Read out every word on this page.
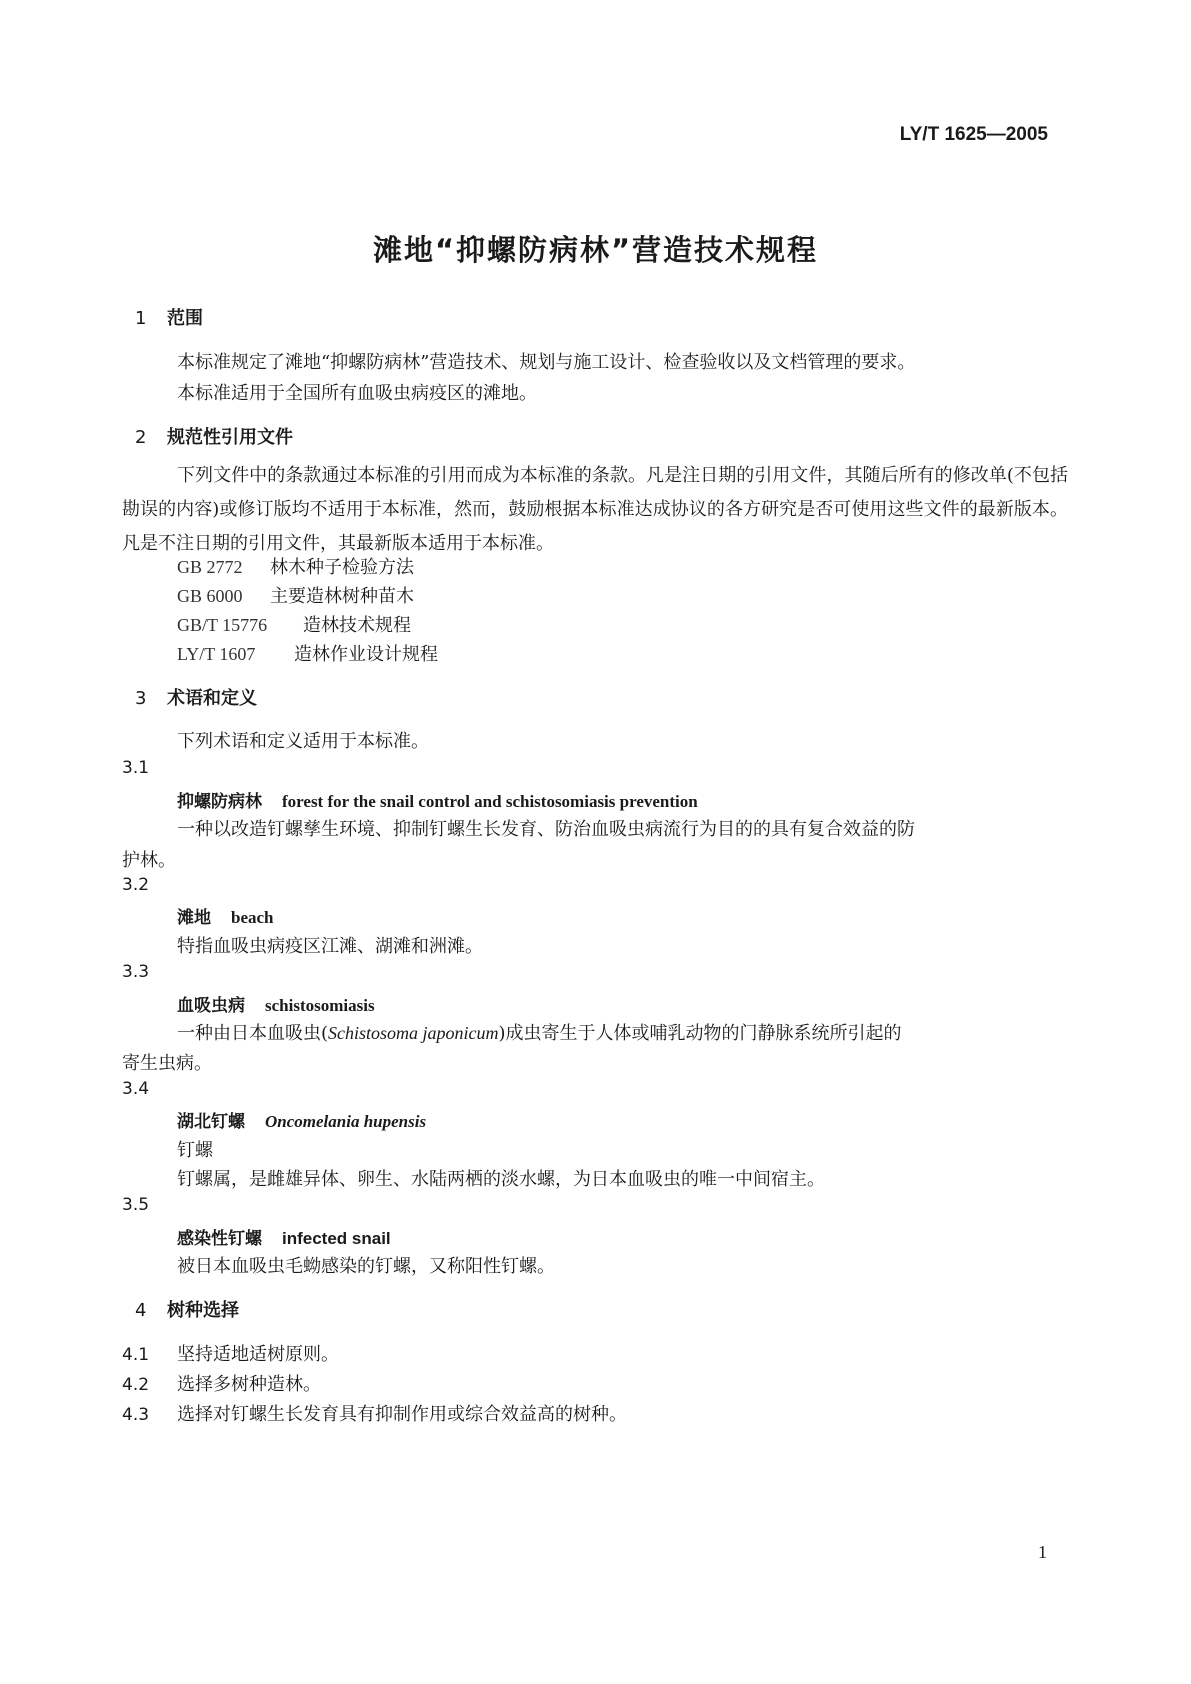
LY/T 1625—2005
滩地“抑螺防病林”营造技术规程
1 范围
本标准规定了滩地“抑螺防病林”营造技术、规划与施工设计、检查验收以及文档管理的要求。
本标准适用于全国所有血吸虫病疫区的滩地。
2 规范性引用文件
下列文件中的条款通过本标准的引用而成为本标准的条款。凡是注日期的引用文件，其随后所有的修改单(不包括勘误的内容)或修订版均不适用于本标准，然而，鼓励根据本标准达成协议的各方研究是否可使用这些文件的最新版本。凡是不注日期的引用文件，其最新版本适用于本标准。
GB 2772 林木种子检验方法
GB 6000 主要造林树种苗木
GB/T 15776 造林技术规程
LY/T 1607 造林作业设计规程
3 术语和定义
下列术语和定义适用于本标准。
3.1
抑螺防病林 forest for the snail control and schistosomiasis prevention
一种以改造钉螺孳生环境、抑制钉螺生长发育、防治血吸虫病流行为目的的具有复合效益的防
护林。
3.2
滩地 beach
特指血吸虫病疫区江滩、湖滩和洲滩。
3.3
血吸虫病 schistosomiasis
一种由日本血吸虫(Schistosoma japonicum)成虫寄生于人体或哺乳动物的门静脉系统所引起的
寄生虫病。
3.4
湖北钉螺 Oncomelania hupensis
钉螺
钉螺属，是雌雄异体、卵生、水陆两栖的淡水螺，为日本血吸虫的唯一中间宿主。
3.5
感染性钉螺 infected snail
被日本血吸虫毛蚴感染的钉螺，又称阳性钉螺。
4 树种选择
4.1 坚持适地适树原则。
4.2 选择多树种造林。
4.3 选择对钉螺生长发育具有抑制作用或综合效益高的树种。
1
